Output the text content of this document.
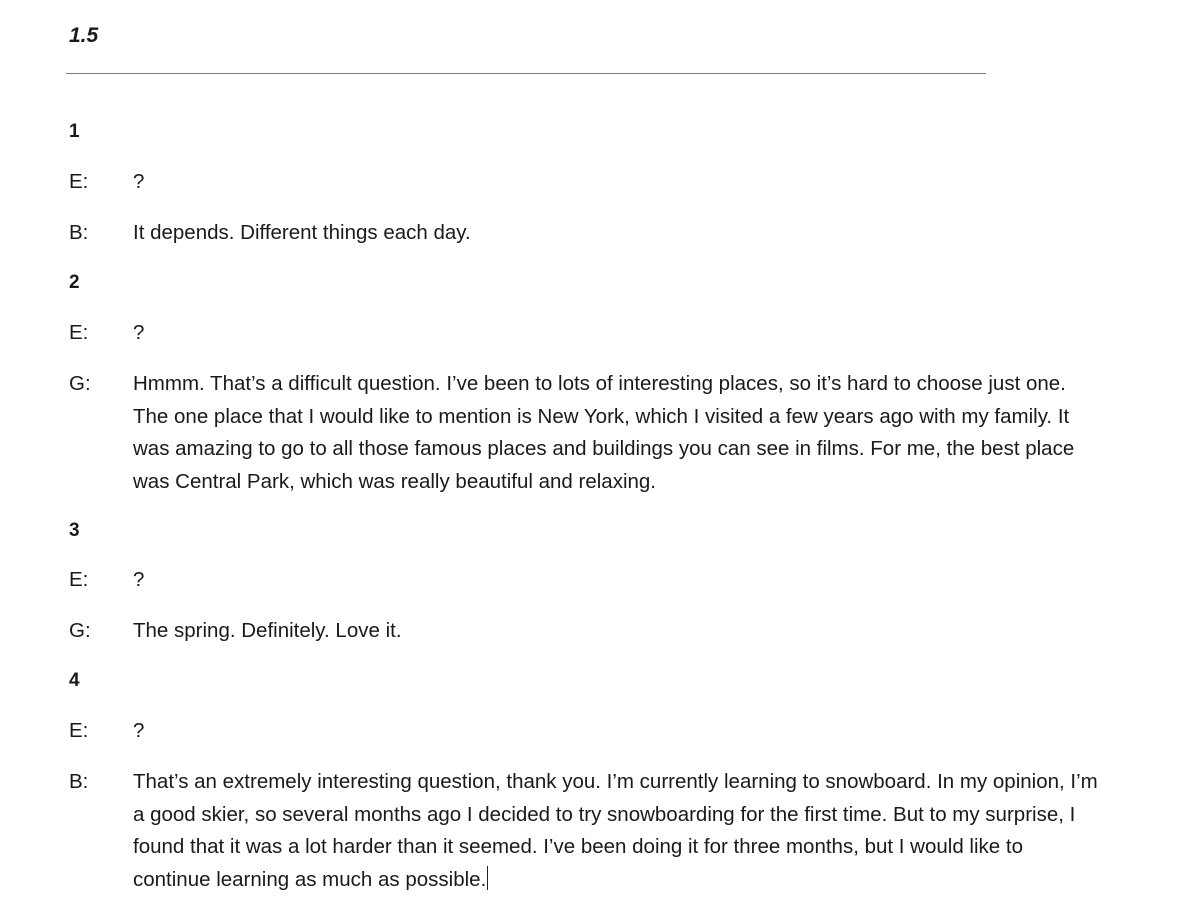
1.5
1
E:	?
B:	It depends. Different things each day.
2
E:	?
G:	Hmmm. That’s a difficult question. I’ve been to lots of interesting places, so it’s hard to choose just one. The one place that I would like to mention is New York, which I visited a few years ago with my family. It was amazing to go to all those famous places and buildings you can see in films. For me, the best place was Central Park, which was really beautiful and relaxing.
3
E:	?
G:	The spring. Definitely. Love it.
4
E:	?
B:	That’s an extremely interesting question, thank you. I’m currently learning to snowboard. In my opinion, I’m a good skier, so several months ago I decided to try snowboarding for the first time. But to my surprise, I found that it was a lot harder than it seemed. I’ve been doing it for three months, but I would like to continue learning as much as possible.
